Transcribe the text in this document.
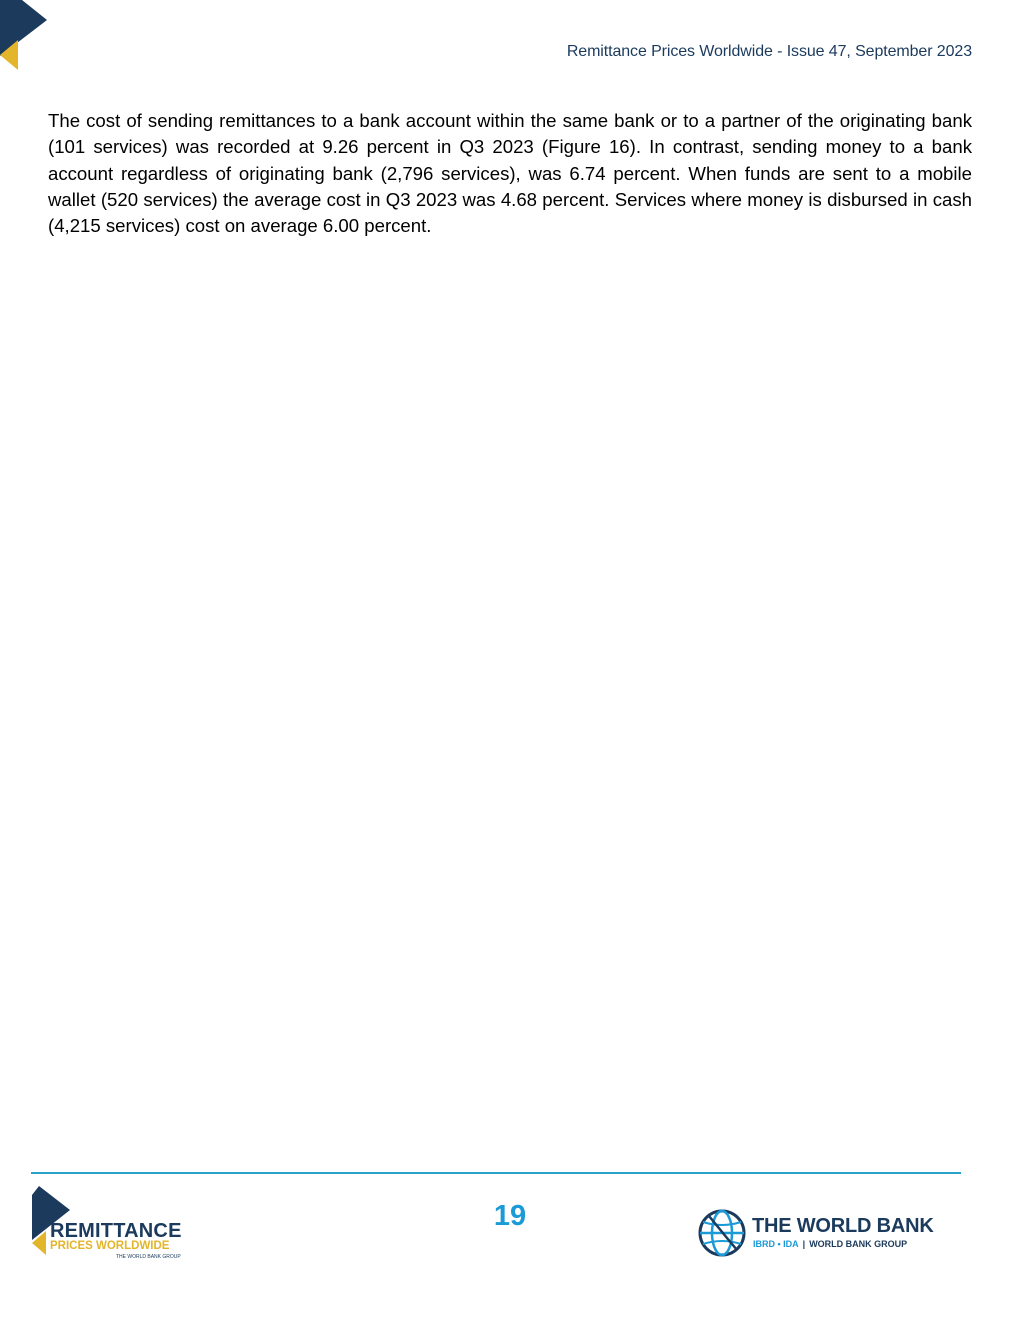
Remittance Prices Worldwide - Issue 47, September 2023

The cost of sending remittances to a bank account within the same bank or to a partner of the originating bank (101 services) was recorded at 9.26 percent in Q3 2023 (Figure 16). In contrast, sending money to a bank account regardless of originating bank (2,796 services), was 6.74 percent. When funds are sent to a mobile wallet (520 services) the average cost in Q3 2023 was 4.68 percent. Services where money is disbursed in cash (4,215 services) cost on average 6.00 percent.

REMITTANCE
PRICES WORLDWIDE
THE WORLD BANK GROUP
19	THE WORLD BANK
IBRD • IDA | WORLD BANK GROUP
